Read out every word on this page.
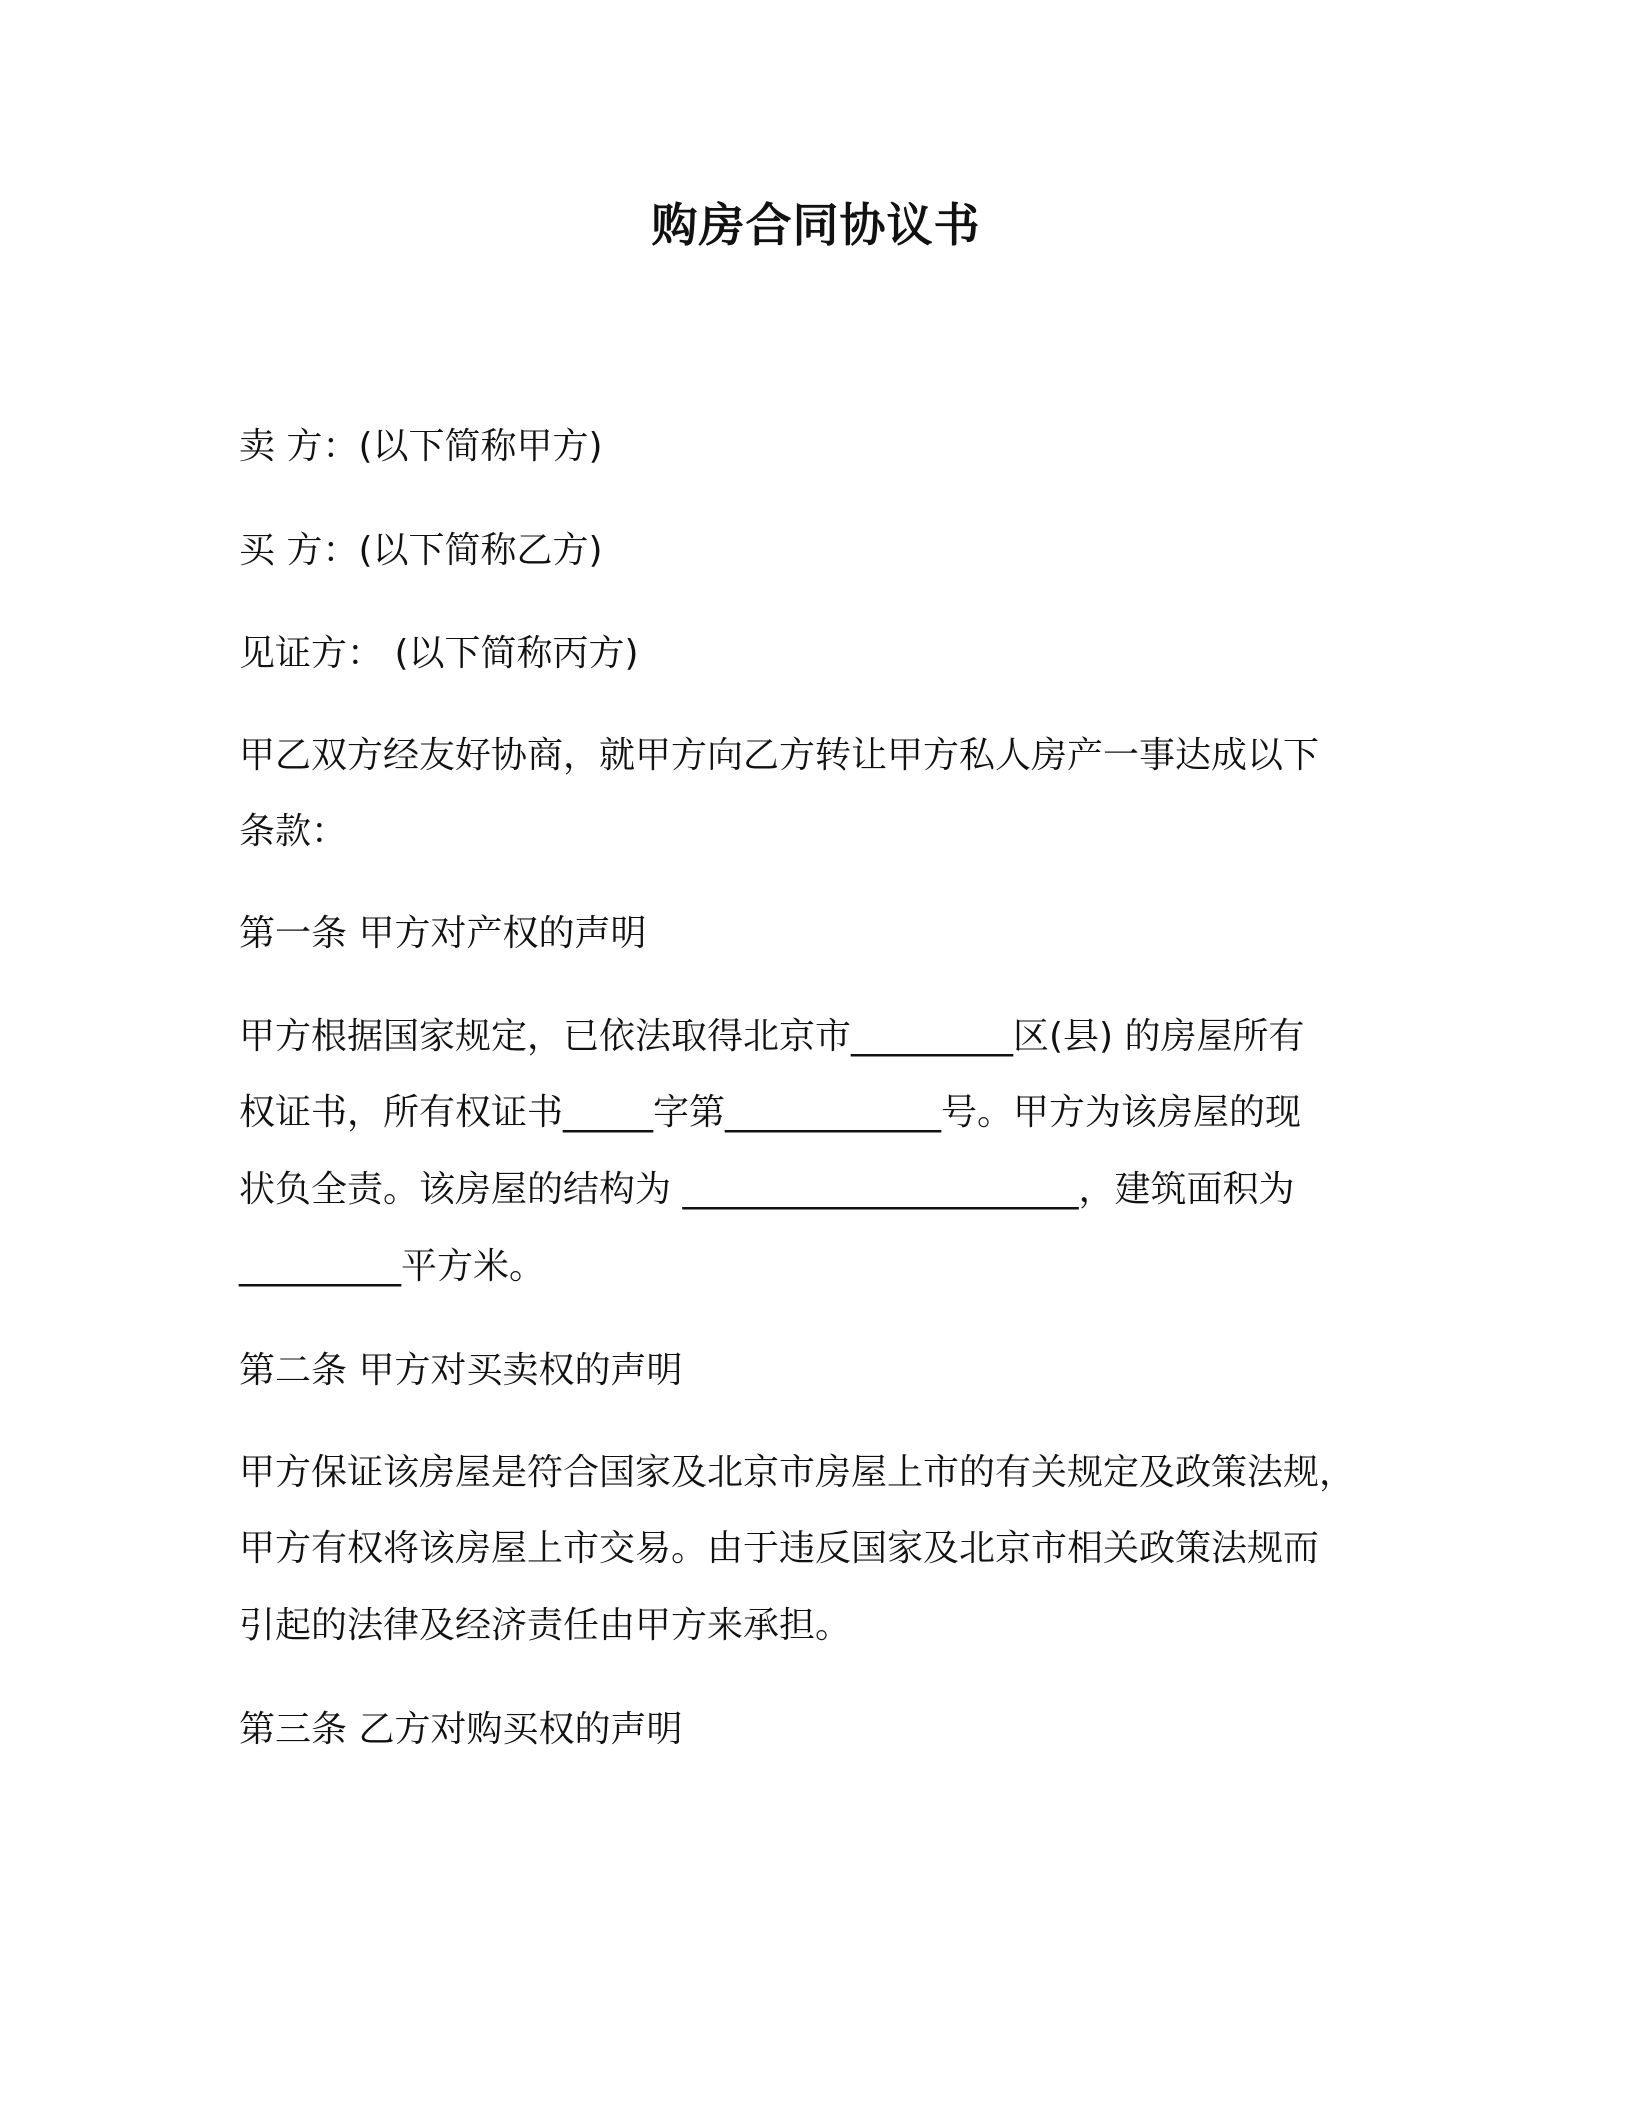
购房合同协议书
卖 方：(以下简称甲方)
买 方：(以下简称乙方)
见证方： (以下简称丙方)
甲乙双方经友好协商，就甲方向乙方转让甲方私人房产一事达成以下
条款：
第一条 甲方对产权的声明
甲方根据国家规定，已依法取得北京市_________区(县) 的房屋所有
权证书，所有权证书_____字第____________号。甲方为该房屋的现
状负全责。该房屋的结构为 ______________________，建筑面积为
_________平方米。
第二条 甲方对买卖权的声明
甲方保证该房屋是符合国家及北京市房屋上市的有关规定及政策法规，
甲方有权将该房屋上市交易。由于违反国家及北京市相关政策法规而
引起的法律及经济责任由甲方来承担。
第三条 乙方对购买权的声明
